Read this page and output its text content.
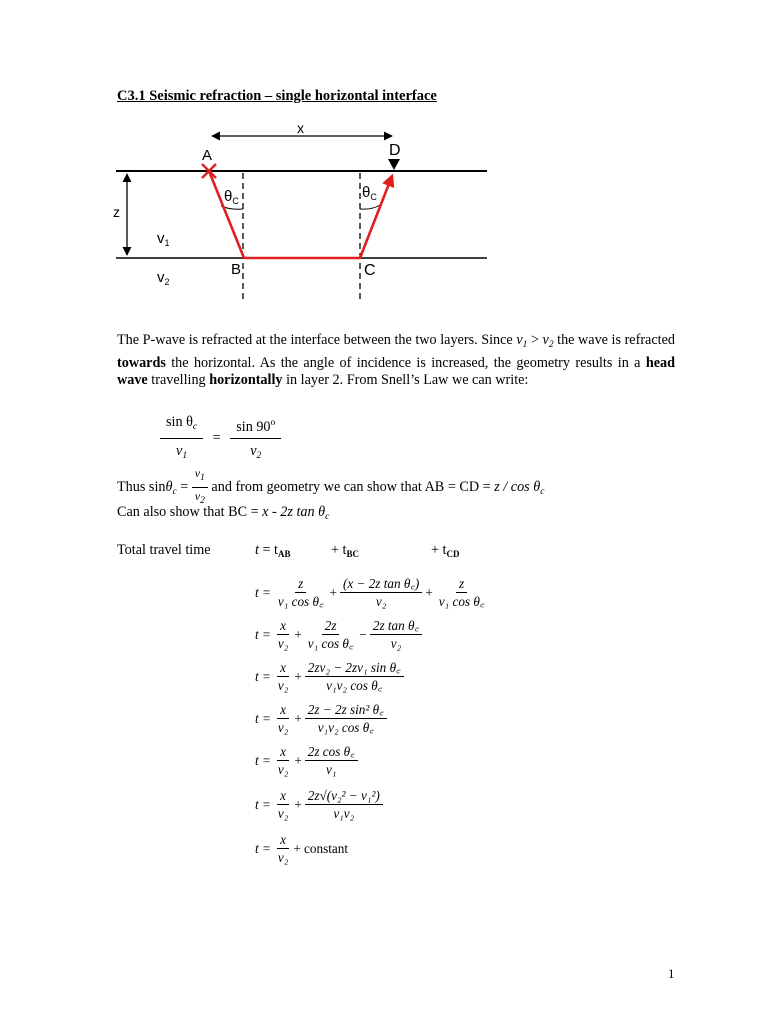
C3.1 Seismic refraction – single horizontal interface
x
z
$v_1$
$v_2$
$\theta_C$	$\theta_C$
A	D
B	C
The P-wave is refracted at the interface between the two layers. Since $v_1 > v_2$ the wave is refracted towards the horizontal. As the angle of incidence is increased, the geometry results in a head wave travelling horizontally in layer 2. From Snell’s Law we can write:
$\frac{\sin \theta_c}{v_1} = \frac{\sin 90^o}{v_2}$
Thus $\sin\theta_c = \frac{v_1}{v_2}$ and from geometry we can show that AB = CD = z / $\cos \theta_c$
Can also show that BC = x - 2z $\tan \theta_c$
Total travel time	$t = t_{AB}$	+ $t_{BC}$	+ $t_{CD}$
$t = \frac{z}{\text{v₁ cos θ꜀}} + \frac{\text{(x − 2z tan θ꜀)}}{\text{v₂}} + \frac{z}{\text{v₁ cos θ꜀}}$
$t = \frac{x}{\text{v₂}} + \frac{2z}{\text{v₁ cos θ꜀}} - \frac{\text{2z tan θ꜀}}{\text{v₂}}$
$t = \frac{x}{\text{v₂}} + \frac{\text{2zv₂ − 2zv₁ sin θ꜀}}{\text{v₁v₂ cos θ꜀}}$
$t = \frac{x}{\text{v₂}} + \frac{\text{2z − 2z sin² θ꜀}}{\text{v₁v₂ cos θ꜀}}$
$t = \frac{x}{\text{v₂}} + \frac{\text{2z cos θ꜀}}{\text{v₁}}$
$t = \frac{x}{\text{v₂}} + \frac{\text{2z√(v₂² − v₁²)}}{\text{v₁v₂}}$
$t = \frac{x}{\text{v₂}}$ + constant
1
